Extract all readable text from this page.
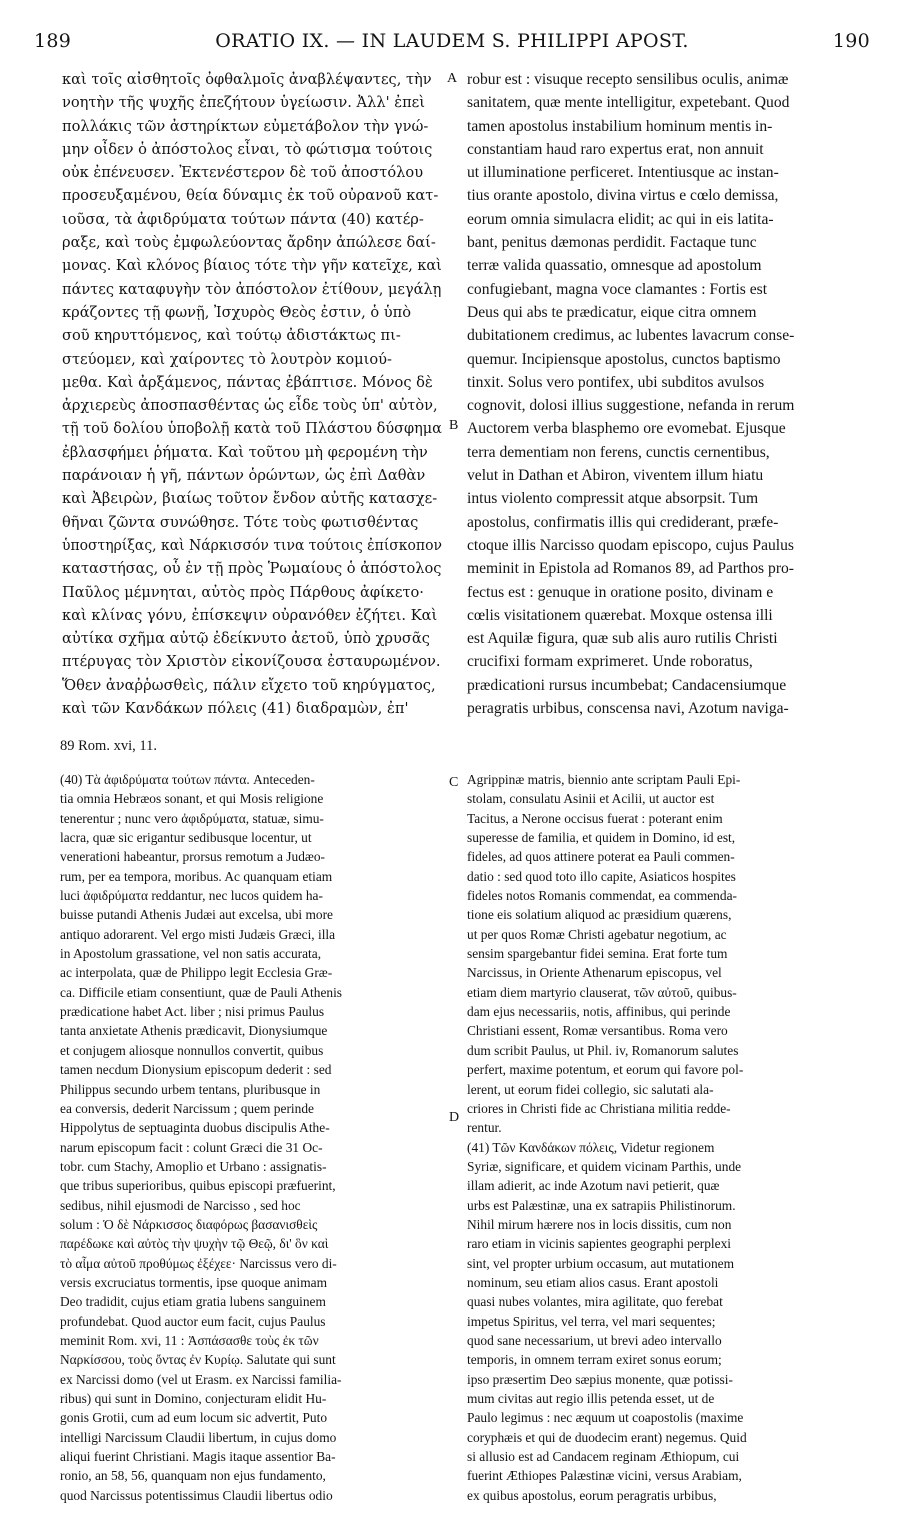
189	ORATIO IX. — IN LAUDEM S. PHILIPPI APOST.	190
καὶ τοῖς αἰσθητοῖς ὀφθαλμοῖς ἀναβλέψαντες, τὴν
νοητὴν τῆς ψυχῆς ἐπεζήτουν ὑγείωσιν. Ἀλλ' ἐπεὶ
πολλάκις τῶν ἀστηρίκτων εὐμετάβολον τὴν γνώ-
μην οἶδεν ὁ ἀπόστολος εἶναι, τὸ φώτισμα τούτοις
οὐκ ἐπένευσεν. Ἐκτενέστερον δὲ τοῦ ἀποστόλου
προσευξαμένου, θεία δύναμις ἐκ τοῦ οὐρανοῦ κατ-
ιοῦσα, τὰ ἀφιδρύματα τούτων πάντα (40) κατέρ-
ραξε, καὶ τοὺς ἐμφωλεύοντας ἄρδην ἀπώλεσε δαί-
μονας. Καὶ κλόνος βίαιος τότε τὴν γῆν κατεῖχε, καὶ
πάντες καταφυγὴν τὸν ἀπόστολον ἐτίθουν, μεγάλῃ
κράζοντες τῇ φωνῇ, Ἰσχυρὸς Θεὸς ἐστιν, ὁ ὑπὸ
σοῦ κηρυττόμενος, καὶ τούτῳ ἀδιστάκτως πι-
στεύομεν, καὶ χαίροντες τὸ λουτρὸν κομιού-
μεθα. Καὶ ἀρξάμενος, πάντας ἐβάπτισε. Μόνος δὲ
ἀρχιερεὺς ἀποσπασθέντας ὡς εἶδε τοὺς ὑπ' αὐτὸν,
τῇ τοῦ δολίου ὑποβολῇ κατὰ τοῦ Πλάστου δύσφημα
ἐβλασφήμει ῥήματα. Καὶ τοῦτου μὴ φερομένη τὴν
παράνοιαν ἡ γῆ, πάντων ὁρώντων, ὡς ἐπὶ Δαθὰν
καὶ Ἀβειρὼν, βιαίως τοῦτον ἔνδον αὐτῆς κατασχε-
θῆναι ζῶντα συνώθησε. Τότε τοὺς φωτισθέντας
ὑποστηρίξας, καὶ Νάρκισσόν τινα τούτοις ἐπίσκοπον
καταστήσας, οὗ ἐν τῇ πρὸς Ῥωμαίους ὁ ἀπόστολος
Παῦλος μέμνηται, αὐτὸς πρὸς Πάρθους ἀφίκετο·
καὶ κλίνας γόνυ, ἐπίσκεψιν οὐρανόθεν ἐζήτει. Καὶ
αὐτίκα σχῆμα αὐτῷ ἐδείκνυτο ἀετοῦ, ὑπὸ χρυσᾶς
πτέρυγας τὸν Χριστὸν εἰκονίζουσα ἐσταυρωμένον.
Ὅθεν ἀναῤῥωσθεὶς, πάλιν εἴχετο τοῦ κηρύγματος,
καὶ τῶν Κανδάκων πόλεις (41) διαδραμὼν, ἐπ'
robur est : visuque recepto sensilibus oculis, animæ
sanitatem, quæ mente intelligitur, expetebant. Quod
tamen apostolus instabilium hominum mentis in-
constantiam haud raro expertus erat, non annuit
ut illuminatione perficeret. Intentiusque ac instan-
tius orante apostolo, divina virtus e cœlo demissa,
eorum omnia simulacra elidit; ac qui in eis latita-
bant, penitus dæmonas perdidit. Factaque tunc
terræ valida quassatio, omnesque ad apostolum
confugiebant, magna voce clamantes : Fortis est
Deus qui abs te prædicatur, eique citra omnem
dubitationem credimus, ac lubentes lavacrum conse-
quemur. Incipiensque apostolus, cunctos baptismo
tinxit. Solus vero pontifex, ubi subditos avulsos
cognovit, dolosi illius suggestione, nefanda in rerum
Auctorem verba blasphemo ore evomebat. Ejusque
terra dementiam non ferens, cunctis cernentibus,
velut in Dathan et Abiron, viventem illum hiatu
intus violento compressit atque absorpsit. Tum
apostolus, confirmatis illis qui crediderant, præfe-
ctoque illis Narcisso quodam episcopo, cujus Paulus
meminit in Epistola ad Romanos 89, ad Parthos pro-
fectus est : genuque in oratione posito, divinam e
cœlis visitationem quærebat. Moxque ostensa illi
est Aquilæ figura, quæ sub alis auro rutilis Christi
crucifixi formam exprimeret. Unde roboratus,
prædicationi rursus incumbebat; Candacensiumque
peragratis urbibus, conscensa navi, Azotum naviga-
A
B
C
D
89 Rom. xvi, 11.
(40) Τὰ ἀφιδρύματα τούτων πάντα. Anteceden-
tia omnia Hebræos sonant, et qui Mosis religione
tenerentur ; nunc vero ἀφιδρύματα, statuæ, simu-
lacra, quæ sic erigantur sedibusque locentur, ut
venerationi habeantur, prorsus remotum a Judæo-
rum, per ea tempora, moribus. Ac quanquam etiam
luci ἀφιδρύματα reddantur, nec lucos quidem ha-
buisse putandi Athenis Judæi aut excelsa, ubi more
antiquo adorarent. Vel ergo misti Judæis Græci, illa
in Apostolum grassatione, vel non satis accurata,
ac interpolata, quæ de Philippo legit Ecclesia Græ-
ca. Difficile etiam consentiunt, quæ de Pauli Athenis
prædicatione habet Act. liber ; nisi primus Paulus
tanta anxietate Athenis prædicavit, Dionysiumque
et conjugem aliosque nonnullos convertit, quibus
tamen necdum Dionysium episcopum dederit : sed
Philippus secundo urbem tentans, pluribusque in
ea conversis, dederit Narcissum ; quem perinde
Hippolytus de septuaginta duobus discipulis Athe-
narum episcopum facit : colunt Græci die 31 Oc-
tobr. cum Stachy, Amoplio et Urbano : assignatis-
que tribus superioribus, quibus episcopi præfuerint,
sedibus, nihil ejusmodi de Narcisso , sed hoc
solum : Ὁ δὲ Νάρκισσος διαφόρως βασανισθεὶς
παρέδωκε καὶ αὐτὸς τὴν ψυχὴν τῷ Θεῷ, δι' ὃν καὶ
τὸ αἷμα αὐτοῦ προθύμως ἐξέχεε· Narcissus vero di-
versis excruciatus tormentis, ipse quoque animam
Deo tradidit, cujus etiam gratia lubens sanguinem
profundebat. Quod auctor eum facit, cujus Paulus
meminit Rom. xvi, 11 : Ἀσπάσασθε τοὺς ἐκ τῶν
Ναρκίσσου, τοὺς ὄντας ἐν Κυρίῳ. Salutate qui sunt
ex Narcissi domo (vel ut Erasm. ex Narcissi familia-
ribus) qui sunt in Domino, conjecturam elidit Hu-
gonis Grotii, cum ad eum locum sic advertit, Puto
intelligi Narcissum Claudii libertum, in cujus domo
aliqui fuerint Christiani. Magis itaque assentior Ba-
ronio, an 58, 56, quanquam non ejus fundamento,
quod Narcissus potentissimus Claudii libertus odio
Agrippinæ matris, biennio ante scriptam Pauli Epi-
stolam, consulatu Asinii et Acilii, ut auctor est
Tacitus, a Nerone occisus fuerat : poterant enim
superesse de familia, et quidem in Domino, id est,
fideles, ad quos attinere poterat ea Pauli commen-
datio : sed quod toto illo capite, Asiaticos hospites
fideles notos Romanis commendat, ea commenda-
tione eis solatium aliquod ac præsidium quærens,
ut per quos Romæ Christi agebatur negotium, ac
sensim spargebantur fidei semina. Erat forte tum
Narcissus, in Oriente Athenarum episcopus, vel
etiam diem martyrio clauserat, τῶν αὐτοῦ, quibus-
dam ejus necessariis, notis, affinibus, qui perinde
Christiani essent, Romæ versantibus. Roma vero
dum scribit Paulus, ut Phil. iv, Romanorum salutes
perfert, maxime potentum, et eorum qui favore pol-
lerent, ut eorum fidei collegio, sic salutati ala-
criores in Christi fide ac Christiana militia redde-
rentur.
(41) Τῶν Κανδάκων πόλεις, Videtur regionem
Syriæ, significare, et quidem vicinam Parthis, unde
illam adierit, ac inde Azotum navi petierit, quæ
urbs est Palæstinæ, una ex satrapiis Philistinorum.
Nihil mirum hærere nos in locis dissitis, cum non
raro etiam in vicinis sapientes geographi perplexi
sint, vel propter urbium occasum, aut mutationem
nominum, seu etiam alios casus. Erant apostoli
quasi nubes volantes, mira agilitate, quo ferebat
impetus Spiritus, vel terra, vel mari sequentes;
quod sane necessarium, ut brevi adeo intervallo
temporis, in omnem terram exiret sonus eorum;
ipso præsertim Deo sæpius monente, quæ potissi-
mum civitas aut regio illis petenda esset, ut de
Paulo legimus : nec æquum ut coapostolis (maxime
coryphæis et qui de duodecim erant) negemus. Quid
si allusio est ad Candacem reginam Æthiopum, cui
fuerint Æthiopes Palæstinæ vicini, versus Arabiam,
ex quibus apostolus, eorum peragratis urbibus,
